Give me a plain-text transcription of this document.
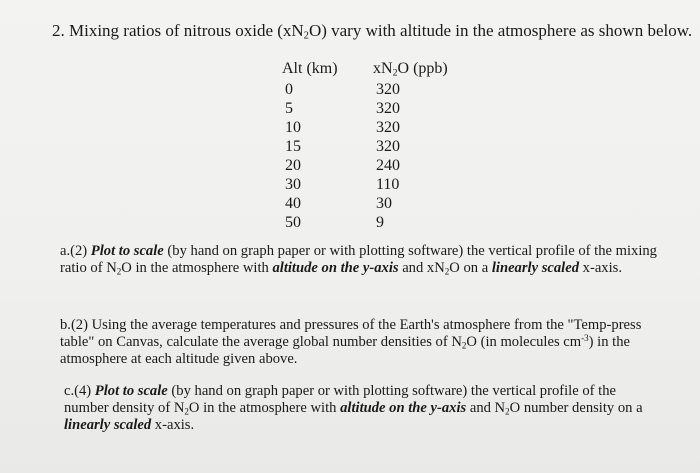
2. Mixing ratios of nitrous oxide $(xN_2O)$ vary with altitude in the atmosphere as shown below.
Alt (km)
0
5
10
15
20
30
40
50
$xN_2O$ (ppb)
320
320
320
320
240
110
30
9
a.(2) Plot to scale (by hand on graph paper or with plotting software) the vertical profile of the mixing ratio of $N_2O$ in the atmosphere with altitude on the y-axis and $xN_2O$ on a linearly scaled x-axis.
b.(2) Using the average temperatures and pressures of the Earth's atmosphere from the "Temp-press table" on Canvas, calculate the average global number densities of $N_2O$ (in molecules $cm^{-3}$) in the atmosphere at each altitude given above.
c.(4) Plot to scale (by hand on graph paper or with plotting software) the vertical profile of the number density of $N_2O$ in the atmosphere with altitude on the y-axis and $N_2O$ number density on a linearly scaled x-axis.
